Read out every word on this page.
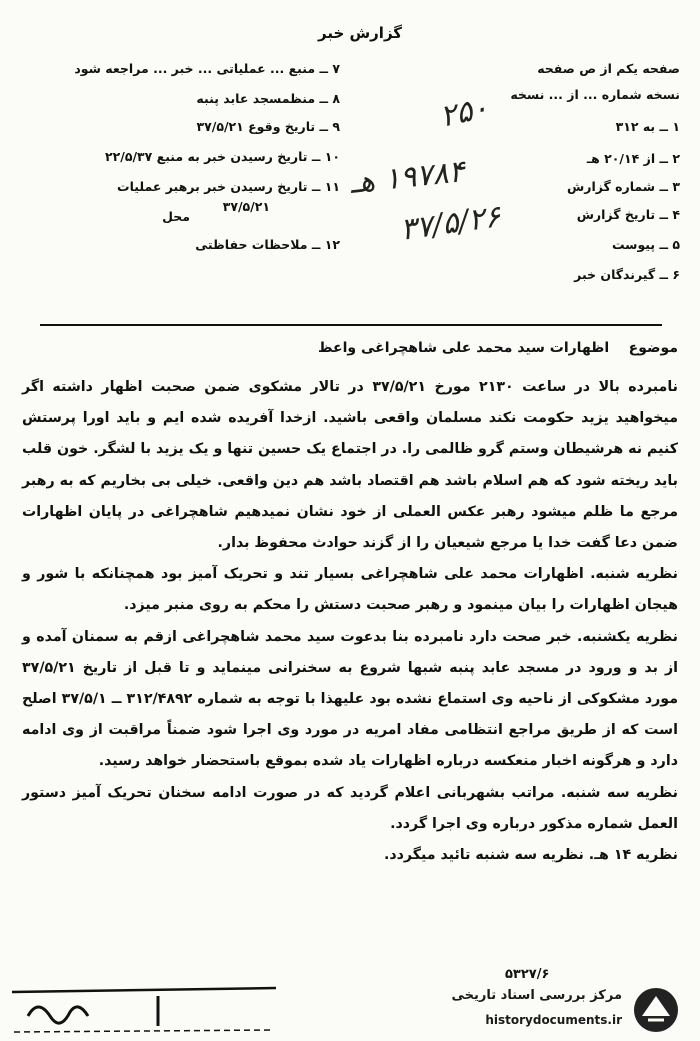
گزارش خبر
صفحه یکم از ص صفحه
نسخه شماره ... از ... نسخه
۱ ــ به ۳۱۲
۲ ــ از ۲۰/۱۴ هـ
۳ ــ شماره گزارش
۴ ــ تاریخ گزارش
۵ ــ پیوست
۶ ــ گیرندگان خبر
۷ ــ منبع ... عملیاتی ... خبر ... مراجعه شود
۸ ــ منظمسجد عابد پنبه
۹ ــ تاریخ وقوع ۳۷/۵/۲۱
۱۰ ــ تاریخ رسیدن خبر به منبع ۲۲/۵/۳۷
۱۱ ــ تاریخ رسیدن خبر برهبر عملیات
۳۷/۵/۲۱
محل
۱۲ ــ ملاحظات حفاظتی
۲۵۰
۱۹۷۸۴ هـ
۳۷/۵/۲۶
موضوع    اظهارات سید محمد علی شاهچراغی واعظ

نامبرده بالا در ساعت ۲۱۳۰ مورخ ۳۷/۵/۲۱ در تالار مشکوی ضمن صحبت اظهار داشته اگر میخواهید یزید حکومت نکند مسلمان واقعی باشید. ازخدا آفریده شده ایم و باید اورا پرستش کنیم نه هرشیطان وستم گرو ظالمی را. در اجتماع یک حسین تنها و یک یزید با لشگر. خون قلب باید ریخته شود که هم اسلام باشد هم اقتصاد باشد هم دین واقعی. خیلی بی بخاریم که به رهبر مرجع ما ظلم میشود رهبر عکس العملی از خود نشان نمیدهیم شاهچراغی در پایان اظهارات ضمن دعا گفت خدا یا مرجع شیعیان را از گزند حوادث محفوظ بدار.

نظریه شنبه. اظهارات محمد علی شاهچراغی بسیار تند و تحریک آمیز بود همچنانکه با شور و هیجان اظهارات را بیان مینمود و رهبر صحبت دستش را محکم به روی منبر میزد.

نظریه یکشنبه. خبر صحت دارد نامبرده بنا بدعوت سید محمد شاهچراغی ازقم به سمنان آمده و از بد و ورود در مسجد عابد پنبه شبها شروع به سخنرانی مینماید و تا قبل از تاریخ ۳۷/۵/۲۱ مورد مشکوکی از ناحیه وی استماع نشده بود علیهذا با توجه به شماره ۳۱۲/۴۸۹۲ ــ ۳۷/۵/۱ اصلح است که از طریق مراجع انتظامی مفاد امریه در مورد وی اجرا شود ضمناً مراقبت از وی ادامه دارد و هرگونه اخبار منعکسه درباره اظهارات یاد شده بموقع باستحضار خواهد رسید.

نظریه سه شنبه. مراتب بشهربانی اعلام گردید که در صورت ادامه سخنان تحریک آمیز دستور العمل شماره مذکور درباره وی اجرا گردد.

نظریه ۱۴ هـ. نظریه سه شنبه تائید میگردد.

۵۳۲۷/۶
مرکز بررسی اسناد تاریخی
historydocuments.ir
